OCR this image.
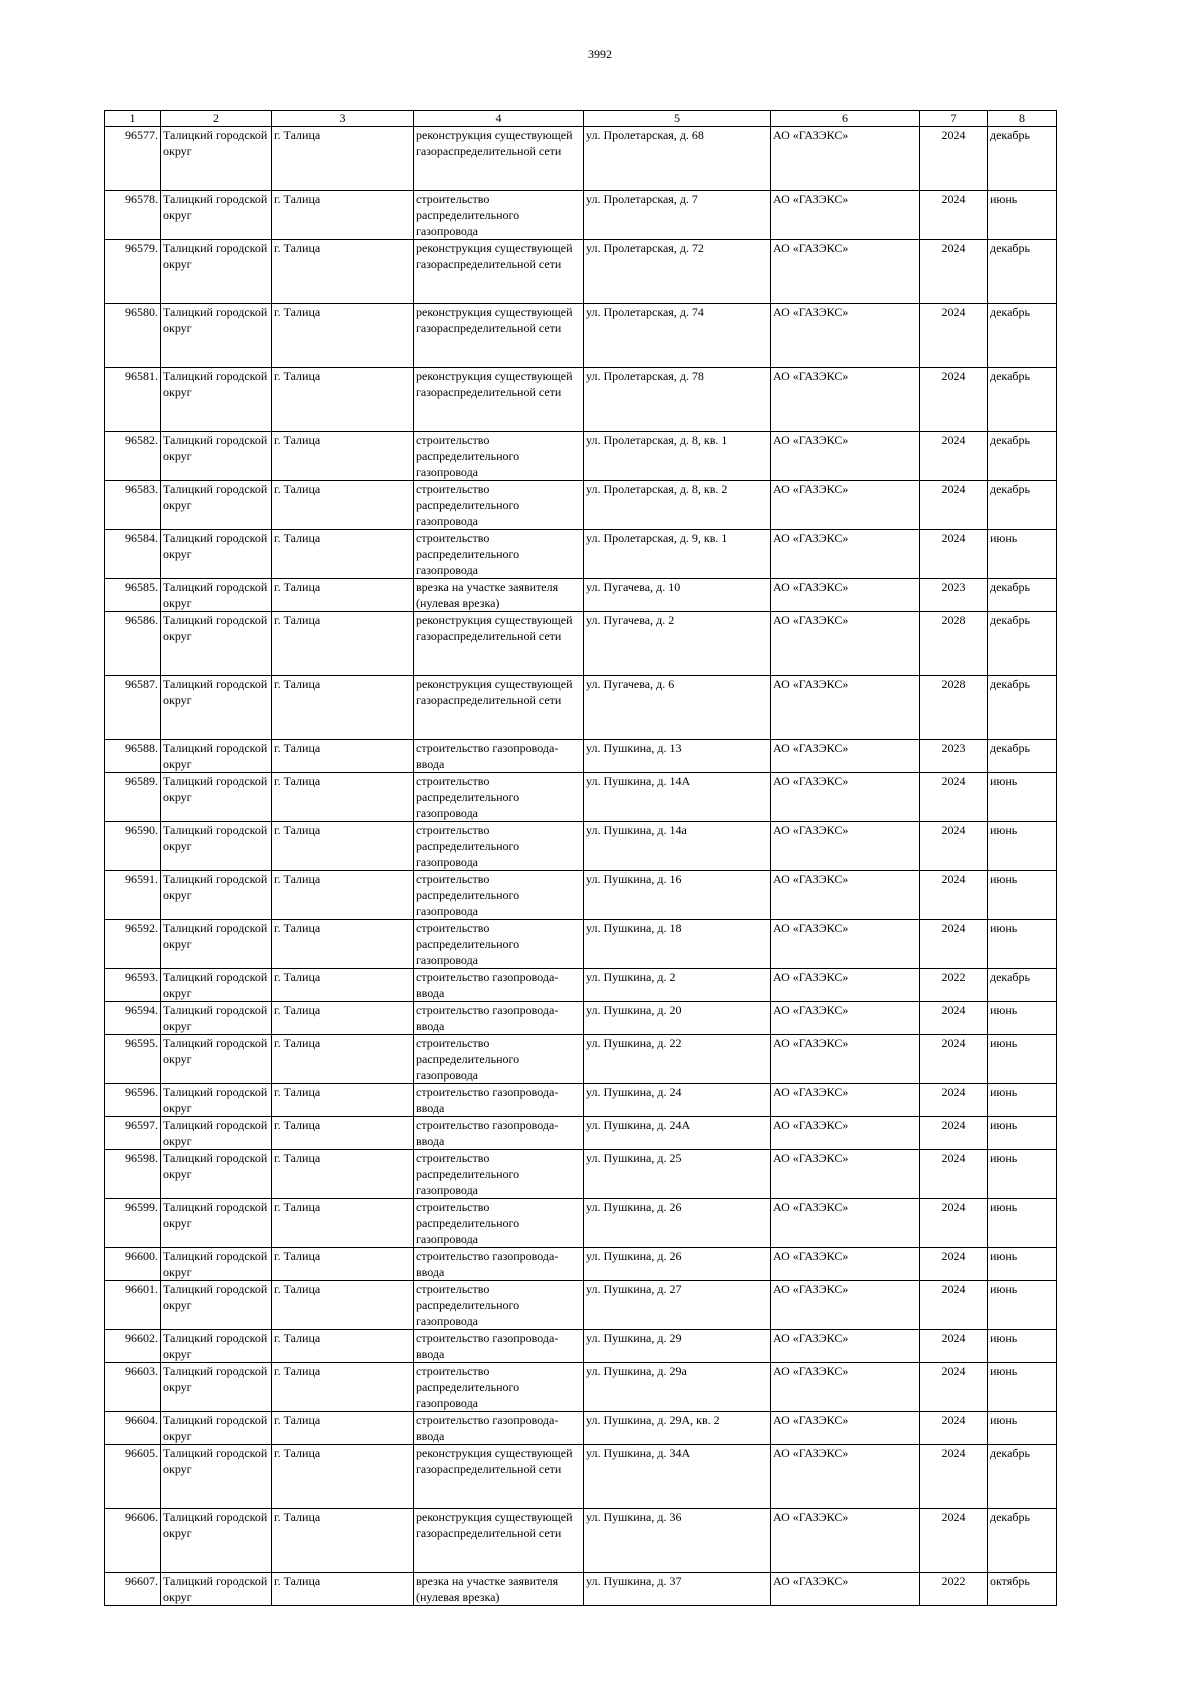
3992
1	2	3	4	5	6	7	8
96577.	Талицкий городской округ	г. Талица	реконструкция существующей газораспределительной сети	ул. Пролетарская, д. 68	АО «ГАЗЭКС»	2024	декабрь
96578.	Талицкий городской округ	г. Талица	строительство распределительного газопровода	ул. Пролетарская, д. 7	АО «ГАЗЭКС»	2024	июнь
96579.	Талицкий городской округ	г. Талица	реконструкция существующей газораспределительной сети	ул. Пролетарская, д. 72	АО «ГАЗЭКС»	2024	декабрь
96580.	Талицкий городской округ	г. Талица	реконструкция существующей газораспределительной сети	ул. Пролетарская, д. 74	АО «ГАЗЭКС»	2024	декабрь
96581.	Талицкий городской округ	г. Талица	реконструкция существующей газораспределительной сети	ул. Пролетарская, д. 78	АО «ГАЗЭКС»	2024	декабрь
96582.	Талицкий городской округ	г. Талица	строительство распределительного газопровода	ул. Пролетарская, д. 8, кв. 1	АО «ГАЗЭКС»	2024	декабрь
96583.	Талицкий городской округ	г. Талица	строительство распределительного газопровода	ул. Пролетарская, д. 8, кв. 2	АО «ГАЗЭКС»	2024	декабрь
96584.	Талицкий городской округ	г. Талица	строительство распределительного газопровода	ул. Пролетарская, д. 9, кв. 1	АО «ГАЗЭКС»	2024	июнь
96585.	Талицкий городской округ	г. Талица	врезка на участке заявителя (нулевая врезка)	ул. Пугачева, д. 10	АО «ГАЗЭКС»	2023	декабрь
96586.	Талицкий городской округ	г. Талица	реконструкция существующей газораспределительной сети	ул. Пугачева, д. 2	АО «ГАЗЭКС»	2028	декабрь
96587.	Талицкий городской округ	г. Талица	реконструкция существующей газораспределительной сети	ул. Пугачева, д. 6	АО «ГАЗЭКС»	2028	декабрь
96588.	Талицкий городской округ	г. Талица	строительство газопровода-ввода	ул. Пушкина, д. 13	АО «ГАЗЭКС»	2023	декабрь
96589.	Талицкий городской округ	г. Талица	строительство распределительного газопровода	ул. Пушкина, д. 14А	АО «ГАЗЭКС»	2024	июнь
96590.	Талицкий городской округ	г. Талица	строительство распределительного газопровода	ул. Пушкина, д. 14а	АО «ГАЗЭКС»	2024	июнь
96591.	Талицкий городской округ	г. Талица	строительство распределительного газопровода	ул. Пушкина, д. 16	АО «ГАЗЭКС»	2024	июнь
96592.	Талицкий городской округ	г. Талица	строительство распределительного газопровода	ул. Пушкина, д. 18	АО «ГАЗЭКС»	2024	июнь
96593.	Талицкий городской округ	г. Талица	строительство газопровода-ввода	ул. Пушкина, д. 2	АО «ГАЗЭКС»	2022	декабрь
96594.	Талицкий городской округ	г. Талица	строительство газопровода-ввода	ул. Пушкина, д. 20	АО «ГАЗЭКС»	2024	июнь
96595.	Талицкий городской округ	г. Талица	строительство распределительного газопровода	ул. Пушкина, д. 22	АО «ГАЗЭКС»	2024	июнь
96596.	Талицкий городской округ	г. Талица	строительство газопровода-ввода	ул. Пушкина, д. 24	АО «ГАЗЭКС»	2024	июнь
96597.	Талицкий городской округ	г. Талица	строительство газопровода-ввода	ул. Пушкина, д. 24А	АО «ГАЗЭКС»	2024	июнь
96598.	Талицкий городской округ	г. Талица	строительство распределительного газопровода	ул. Пушкина, д. 25	АО «ГАЗЭКС»	2024	июнь
96599.	Талицкий городской округ	г. Талица	строительство распределительного газопровода	ул. Пушкина, д. 26	АО «ГАЗЭКС»	2024	июнь
96600.	Талицкий городской округ	г. Талица	строительство газопровода-ввода	ул. Пушкина, д. 26	АО «ГАЗЭКС»	2024	июнь
96601.	Талицкий городской округ	г. Талица	строительство распределительного газопровода	ул. Пушкина, д. 27	АО «ГАЗЭКС»	2024	июнь
96602.	Талицкий городской округ	г. Талица	строительство газопровода-ввода	ул. Пушкина, д. 29	АО «ГАЗЭКС»	2024	июнь
96603.	Талицкий городской округ	г. Талица	строительство распределительного газопровода	ул. Пушкина, д. 29а	АО «ГАЗЭКС»	2024	июнь
96604.	Талицкий городской округ	г. Талица	строительство газопровода-ввода	ул. Пушкина, д. 29А, кв. 2	АО «ГАЗЭКС»	2024	июнь
96605.	Талицкий городской округ	г. Талица	реконструкция существующей газораспределительной сети	ул. Пушкина, д. 34А	АО «ГАЗЭКС»	2024	декабрь
96606.	Талицкий городской округ	г. Талица	реконструкция существующей газораспределительной сети	ул. Пушкина, д. 36	АО «ГАЗЭКС»	2024	декабрь
96607.	Талицкий городской округ	г. Талица	врезка на участке заявителя (нулевая врезка)	ул. Пушкина, д. 37	АО «ГАЗЭКС»	2022	октябрь
